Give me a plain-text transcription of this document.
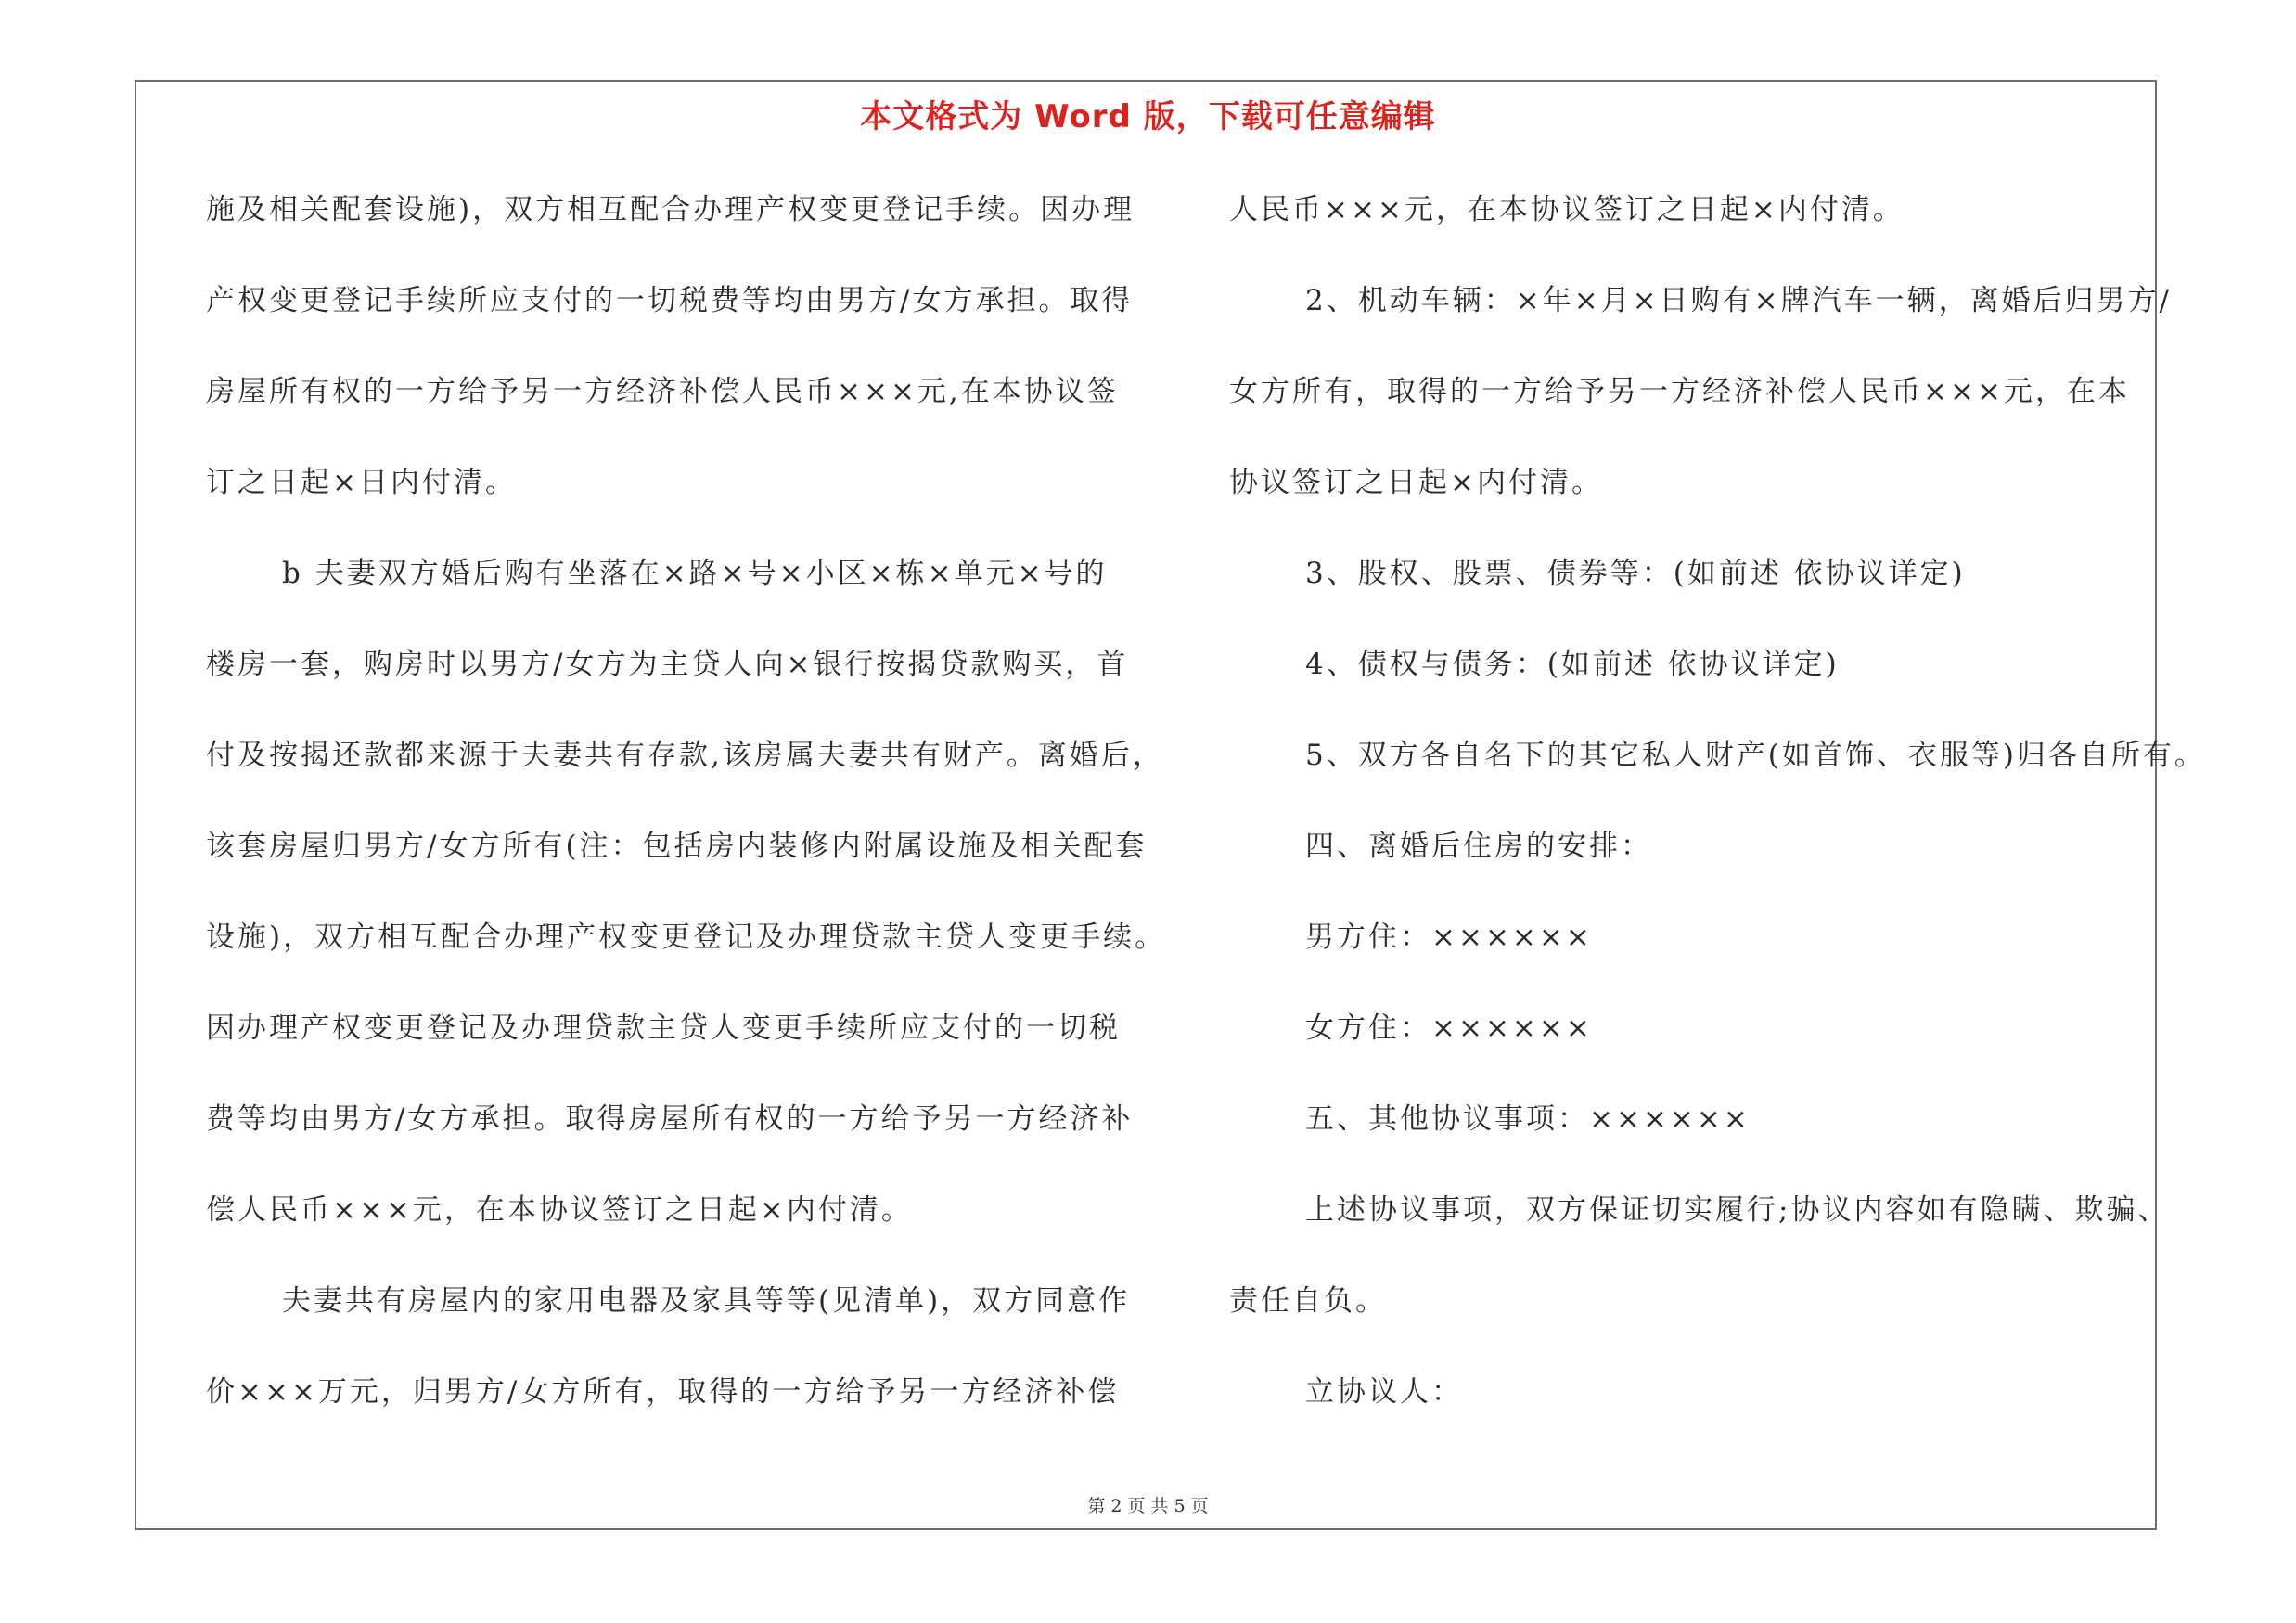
本文格式为 Word 版，下载可任意编辑
施及相关配套设施)，双方相互配合办理产权变更登记手续。因办理
产权变更登记手续所应支付的一切税费等均由男方/女方承担。取得
房屋所有权的一方给予另一方经济补偿人民币×××元,在本协议签
订之日起×日内付清。
b 夫妻双方婚后购有坐落在×路×号×小区×栋×单元×号的
楼房一套，购房时以男方/女方为主贷人向×银行按揭贷款购买，首
付及按揭还款都来源于夫妻共有存款,该房属夫妻共有财产。离婚后，
该套房屋归男方/女方所有(注：包括房内装修内附属设施及相关配套
设施)，双方相互配合办理产权变更登记及办理贷款主贷人变更手续。
因办理产权变更登记及办理贷款主贷人变更手续所应支付的一切税
费等均由男方/女方承担。取得房屋所有权的一方给予另一方经济补
偿人民币×××元，在本协议签订之日起×内付清。
夫妻共有房屋内的家用电器及家具等等(见清单)，双方同意作
价×××万元，归男方/女方所有，取得的一方给予另一方经济补偿
人民币×××元，在本协议签订之日起×内付清。
2、机动车辆：×年×月×日购有×牌汽车一辆，离婚后归男方/
女方所有，取得的一方给予另一方经济补偿人民币×××元，在本
协议签订之日起×内付清。
3、股权、股票、债券等：(如前述 依协议详定)
4、债权与债务：(如前述 依协议详定)
5、双方各自名下的其它私人财产(如首饰、衣服等)归各自所有。
四、离婚后住房的安排：
男方住：××××××
女方住：××××××
五、其他协议事项：××××××
上述协议事项，双方保证切实履行;协议内容如有隐瞒、欺骗、
责任自负。
立协议人：
第 2 页 共 5 页
